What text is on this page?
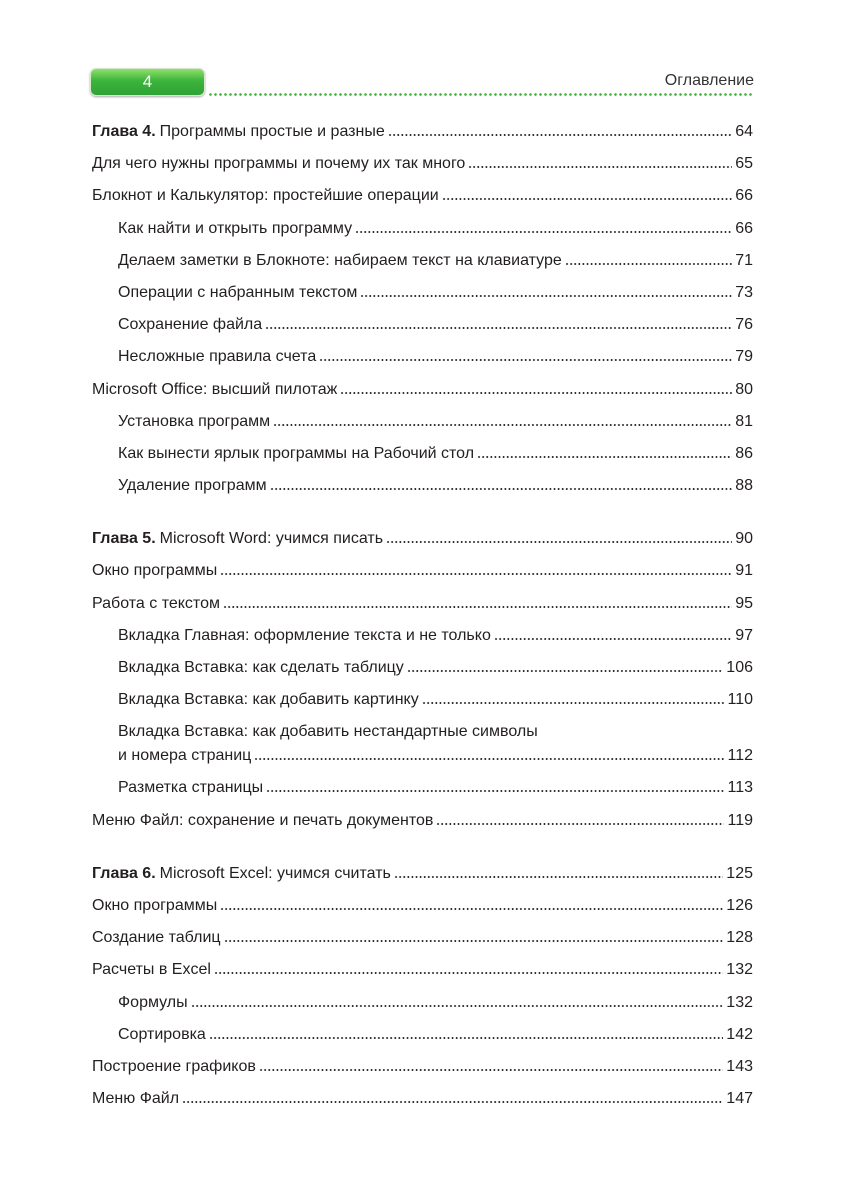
4	Оглавление
Глава 4. Программы простые и разные	64
Для чего нужны программы и почему их так много	65
Блокнот и Калькулятор: простейшие операции	66
Как найти и открыть программу	66
Делаем заметки в Блокноте: набираем текст на клавиатуре	71
Операции с набранным текстом	73
Сохранение файла	76
Несложные правила счета	79
Microsoft Office: высший пилотаж	80
Установка программ	81
Как вынести ярлык программы на Рабочий стол	86
Удаление программ	88
Глава 5. Microsoft Word: учимся писать	90
Окно программы	91
Работа с текстом	95
Вкладка Главная: оформление текста и не только	97
Вкладка Вставка: как сделать таблицу	106
Вкладка Вставка: как добавить картинку	110
Вкладка Вставка: как добавить нестандартные символы
и номера страниц	112
Разметка страницы	113
Меню Файл: сохранение и печать документов	119
Глава 6. Microsoft Excel: учимся считать	125
Окно программы	126
Создание таблиц	128
Расчеты в Excel	132
Формулы	132
Сортировка	142
Построение графиков	143
Меню Файл	147
